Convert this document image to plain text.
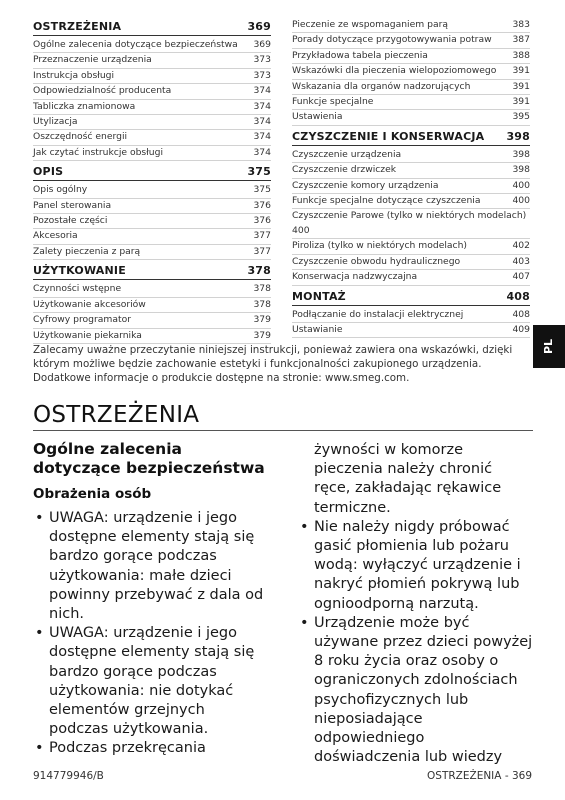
OSTRZEŻENIA	369
Ogólne zalecenia dotyczące bezpieczeństwa	369
Przeznaczenie urządzenia	373
Instrukcja obsługi	373
Odpowiedzialność producenta	374
Tabliczka znamionowa	374
Utylizacja	374
Oszczędność energii	374
Jak czytać instrukcje obsługi	374
OPIS	375
Opis ogólny	375
Panel sterowania	376
Pozostałe części	376
Akcesoria	377
Zalety pieczenia z parą	377
UŻYTKOWANIE	378
Czynności wstępne	378
Użytkowanie akcesoriów	378
Cyfrowy programator	379
Użytkowanie piekarnika	379
Pieczenie ze wspomaganiem parą	383
Porady dotyczące przygotowywania potraw	387
Przykładowa tabela pieczenia	388
Wskazówki dla pieczenia wielopoziomowego	391
Wskazania dla organów nadzorujących	391
Funkcje specjalne	391
Ustawienia	395
CZYSZCZENIE I KONSERWACJA 398
Czyszczenie urządzenia	398
Czyszczenie drzwiczek	398
Czyszczenie komory urządzenia	400
Funkcje specjalne dotyczące czyszczenia	400
Czyszczenie Parowe (tylko w niektórych modelach) 400
Piroliza (tylko w niektórych modelach)	402
Czyszczenie obwodu hydraulicznego	403
Konserwacja nadzwyczajna	407
MONTAŻ	408
Podłączanie do instalacji elektrycznej	408
Ustawianie	409
PL
Zalecamy uważne przeczytanie niniejszej instrukcji, ponieważ zawiera ona wskazówki, dzięki
którym możliwe będzie zachowanie estetyki i funkcjonalności zakupionego urządzenia.
Dodatkowe informacje o produkcie dostępne na stronie: www.smeg.com.
OSTRZEŻENIA
Ogólne zalecenia dotyczące bezpieczeństwa
Obrażenia osób
• UWAGA: urządzenie i jego dostępne elementy stają się bardzo gorące podczas użytkowania: małe dzieci powinny przebywać z dala od nich.
• UWAGA: urządzenie i jego dostępne elementy stają się bardzo gorące podczas użytkowania: nie dotykać elementów grzejnych podczas użytkowania.
• Podczas przekręcania
żywności w komorze pieczenia należy chronić ręce, zakładając rękawice termiczne.
• Nie należy nigdy próbować gasić płomienia lub pożaru wodą: wyłączyć urządzenie i nakryć płomień pokrywą lub ognioodporną narzutą.
• Urządzenie może być używane przez dzieci powyżej 8 roku życia oraz osoby o ograniczonych zdolnościach psychofizycznych lub nieposiadające odpowiedniego doświadczenia lub wiedzy
914779946/B	OSTRZEŻENIA - 369
